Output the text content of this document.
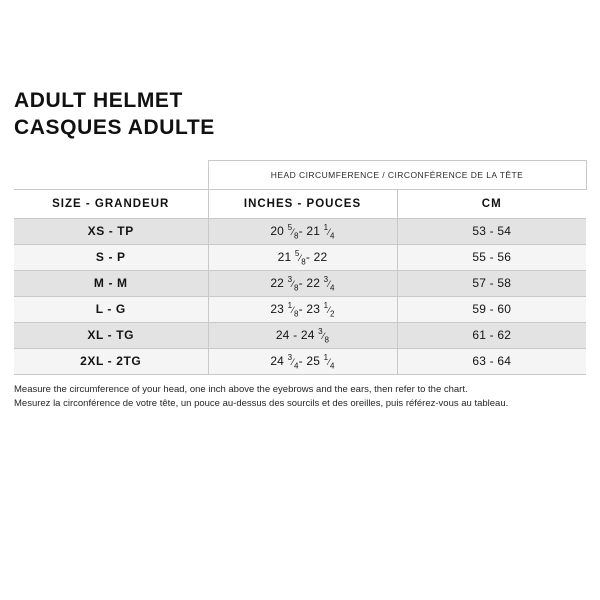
ADULT HELMET
CASQUES ADULTE
	HEAD CIRCUMFERENCE / CIRCONFÉRENCE DE LA TÊTE	
SIZE - GRANDEUR	INCHES - POUCES	CM
XS - TP	20 $^5⁄_8-$ 21 $^1⁄_4$	53 - 54
S - P	21 $^5⁄_8-$ 22	55 - 56
M - M	22 $^3⁄_8-$ 22 $^3⁄_4$	57 - 58
L - G	23 $^1⁄_8-$ 23 $^1⁄_2$	59 - 60
XL - TG	24 - 24 $^3⁄_8$	61 - 62
2XL - 2TG	24 $^3⁄_4-$ 25 $^1⁄_4$	63 - 64
Measure the circumference of your head, one inch above the eyebrows and the ears, then refer to the chart.
Mesurez la circonférence de votre tête, un pouce au-dessus des sourcils et des oreilles, puis référez-vous au tableau.
